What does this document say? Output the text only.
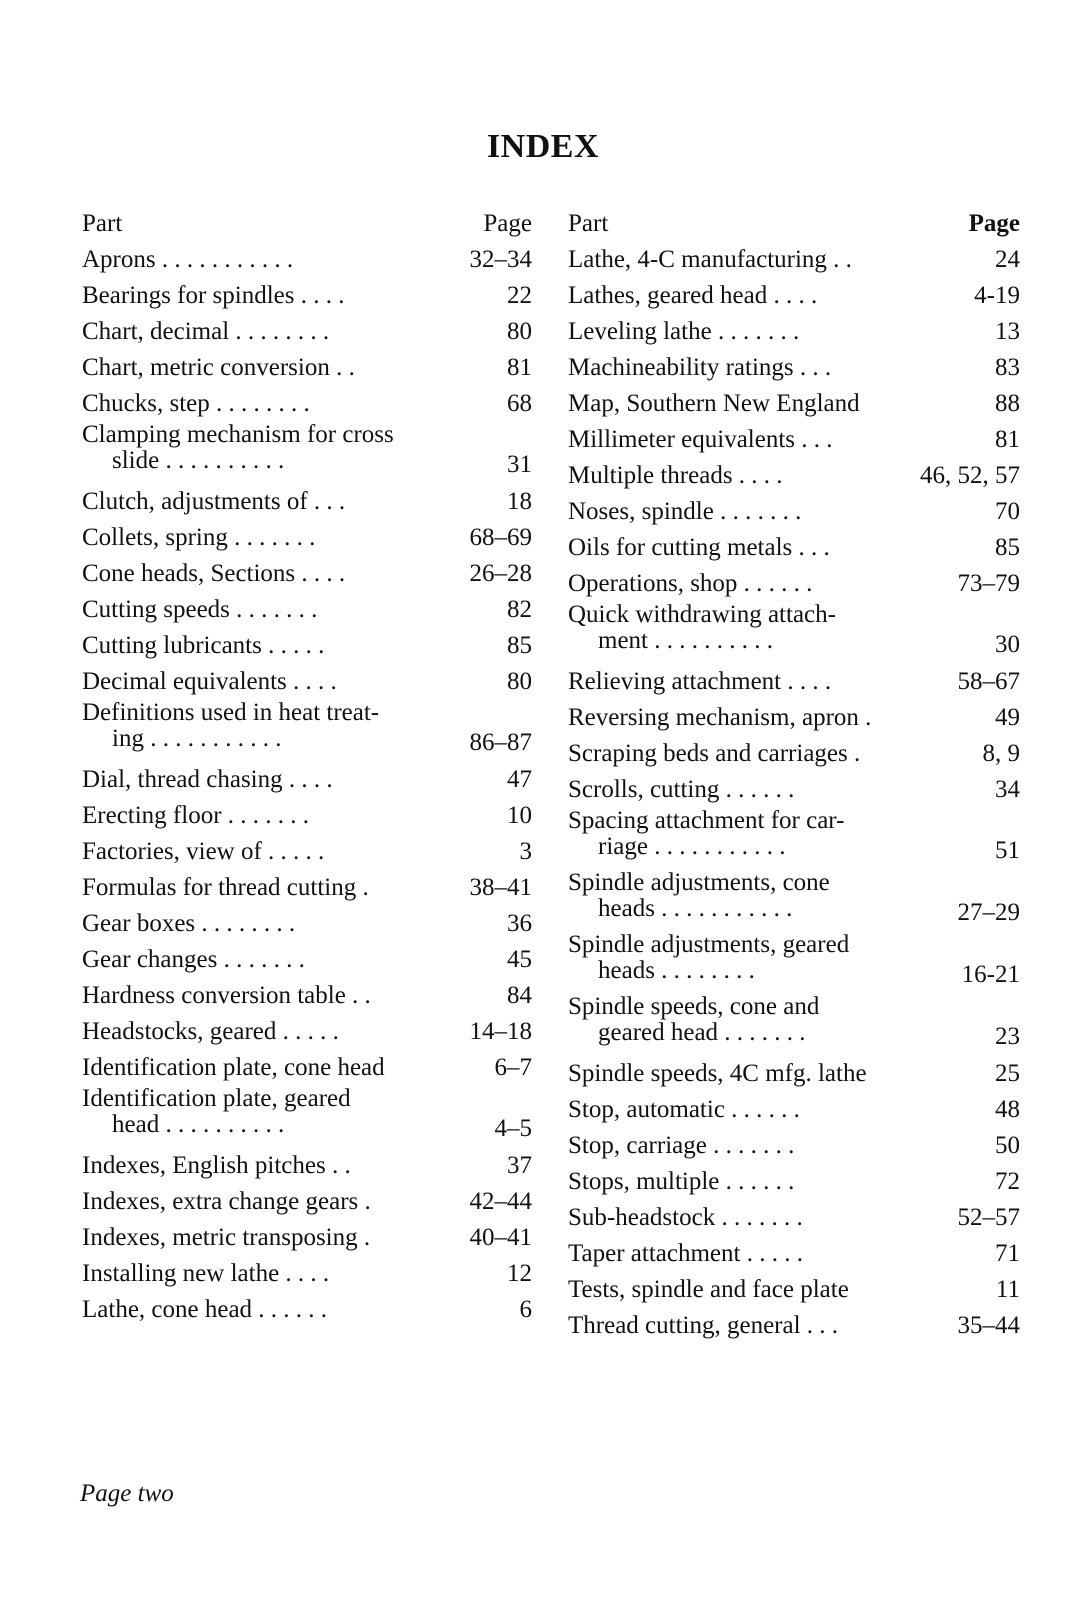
INDEX
Part	Page
Aprons . . . . . . . . . . .	32–34
Bearings for spindles . . . .	22
Chart, decimal . . . . . . . .	80
Chart, metric conversion . .	81
Chucks, step . . . . . . . .	68
Clamping mechanism for cross

slide . . . . . . . . . .	31
Clutch, adjustments of . . .	18
Collets, spring . . . . . . .	68–69
Cone heads, Sections . . . .	26–28
Cutting speeds . . . . . . .	82
Cutting lubricants . . . . .	85
Decimal equivalents . . . .	80
Definitions used in heat treat-

ing . . . . . . . . . . .	86–87
Dial, thread chasing . . . .	47
Erecting floor . . . . . . .	10
Factories, view of . . . . .	3
Formulas for thread cutting .	38–41
Gear boxes . . . . . . . .	36
Gear changes . . . . . . .	45
Hardness conversion table . .	84
Headstocks, geared . . . . .	14–18
Identification plate, cone head	6–7
Identification plate, geared

head . . . . . . . . . .	4–5
Indexes, English pitches . .	37
Indexes, extra change gears .	42–44
Indexes, metric transposing .	40–41
Installing new lathe . . . .	12
Lathe, cone head . . . . . .	6
Part	Page
Lathe, 4-C manufacturing . .	24
Lathes, geared head . . . .	4-19
Leveling lathe . . . . . . .	13
Machineability ratings . . .	83
Map, Southern New England	88
Millimeter equivalents . . .	81
Multiple threads . . . .	46, 52, 57
Noses, spindle . . . . . . .	70
Oils for cutting metals . . .	85
Operations, shop . . . . . .	73–79
Quick withdrawing attach-

ment . . . . . . . . . .	30
Relieving attachment . . . .	58–67
Reversing mechanism, apron .	49
Scraping beds and carriages .	8, 9
Scrolls, cutting . . . . . .	34
Spacing attachment for car-

riage . . . . . . . . . . .	51
Spindle adjustments, cone

heads . . . . . . . . . . .	27–29
Spindle adjustments, geared

heads . . . . . . . .	16-21
Spindle speeds, cone and

geared head . . . . . . .	23
Spindle speeds, 4C mfg. lathe	25
Stop, automatic . . . . . .	48
Stop, carriage . . . . . . .	50
Stops, multiple . . . . . .	72
Sub-headstock . . . . . . .	52–57
Taper attachment . . . . .	71
Tests, spindle and face plate	11
Thread cutting, general . . .	35–44
Page two
